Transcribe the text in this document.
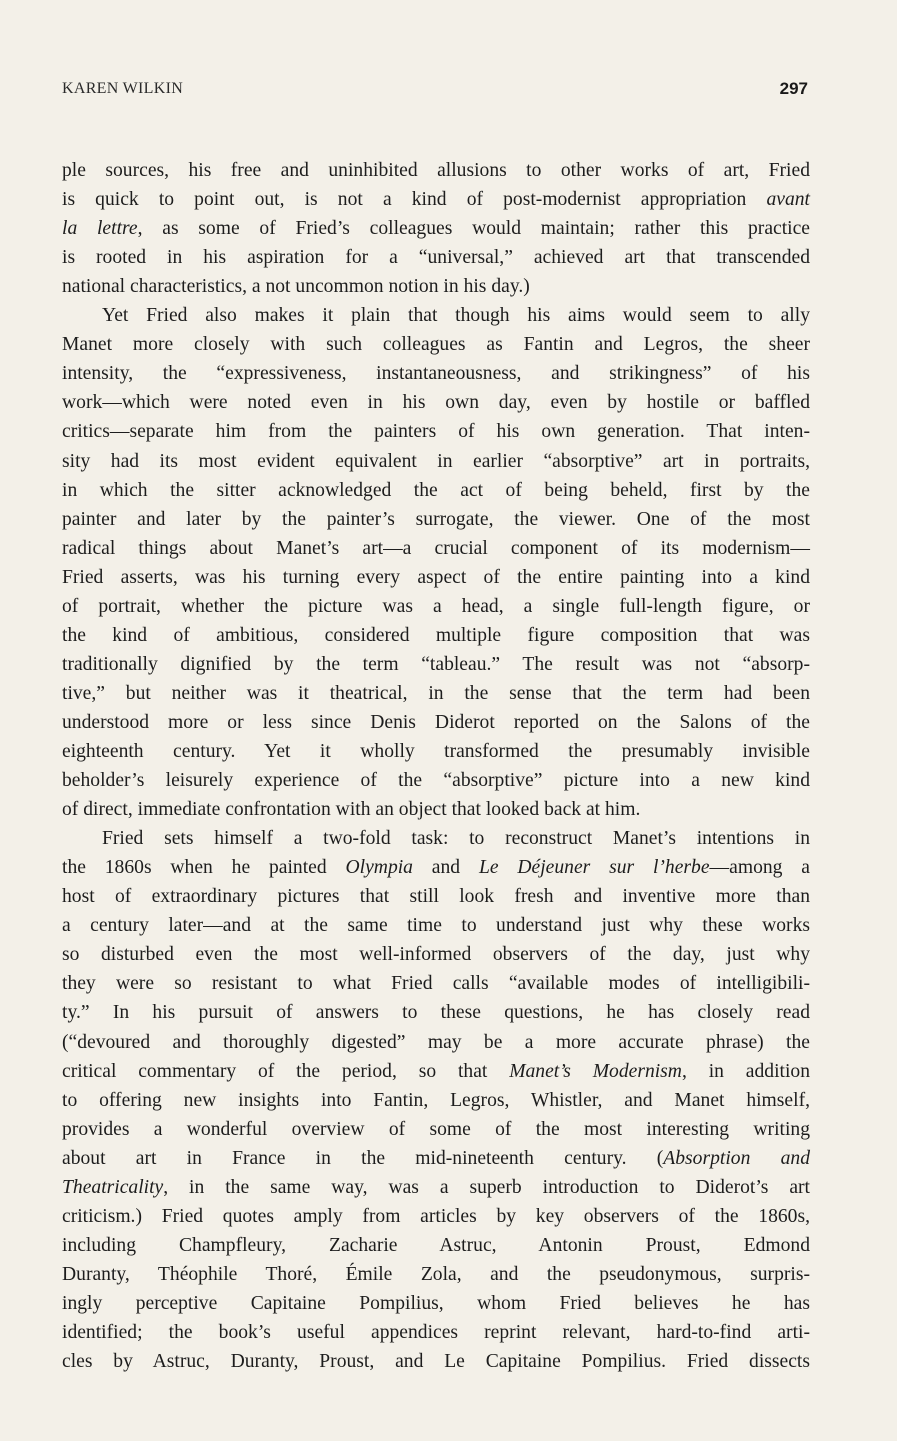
KAREN WILKIN	297
ple sources, his free and uninhibited allusions to other works of art, Fried
is quick to point out, is not a kind of post-modernist appropriation avant
la lettre, as some of Fried’s colleagues would maintain; rather this practice
is rooted in his aspiration for a “universal,” achieved art that transcended
national characteristics, a not uncommon notion in his day.)
Yet Fried also makes it plain that though his aims would seem to ally
Manet more closely with such colleagues as Fantin and Legros, the sheer
intensity, the “expressiveness, instantaneousness, and strikingness” of his
work—which were noted even in his own day, even by hostile or baffled
critics—separate him from the painters of his own generation. That inten-
sity had its most evident equivalent in earlier “absorptive” art in portraits,
in which the sitter acknowledged the act of being beheld, first by the
painter and later by the painter’s surrogate, the viewer. One of the most
radical things about Manet’s art—a crucial component of its modernism—
Fried asserts, was his turning every aspect of the entire painting into a kind
of portrait, whether the picture was a head, a single full-length figure, or
the kind of ambitious, considered multiple figure composition that was
traditionally dignified by the term “tableau.” The result was not “absorp-
tive,” but neither was it theatrical, in the sense that the term had been
understood more or less since Denis Diderot reported on the Salons of the
eighteenth century. Yet it wholly transformed the presumably invisible
beholder’s leisurely experience of the “absorptive” picture into a new kind
of direct, immediate confrontation with an object that looked back at him.
Fried sets himself a two-fold task: to reconstruct Manet’s intentions in
the 1860s when he painted Olympia and Le Déjeuner sur l’herbe—among a
host of extraordinary pictures that still look fresh and inventive more than
a century later—and at the same time to understand just why these works
so disturbed even the most well-informed observers of the day, just why
they were so resistant to what Fried calls “available modes of intelligibili-
ty.” In his pursuit of answers to these questions, he has closely read
(“devoured and thoroughly digested” may be a more accurate phrase) the
critical commentary of the period, so that Manet’s Modernism, in addition
to offering new insights into Fantin, Legros, Whistler, and Manet himself,
provides a wonderful overview of some of the most interesting writing
about art in France in the mid-nineteenth century. (Absorption and
Theatricality, in the same way, was a superb introduction to Diderot’s art
criticism.) Fried quotes amply from articles by key observers of the 1860s,
including Champfleury, Zacharie Astruc, Antonin Proust, Edmond
Duranty, Théophile Thoré, Émile Zola, and the pseudonymous, surpris-
ingly perceptive Capitaine Pompilius, whom Fried believes he has
identified; the book’s useful appendices reprint relevant, hard-to-find arti-
cles by Astruc, Duranty, Proust, and Le Capitaine Pompilius. Fried dissects
